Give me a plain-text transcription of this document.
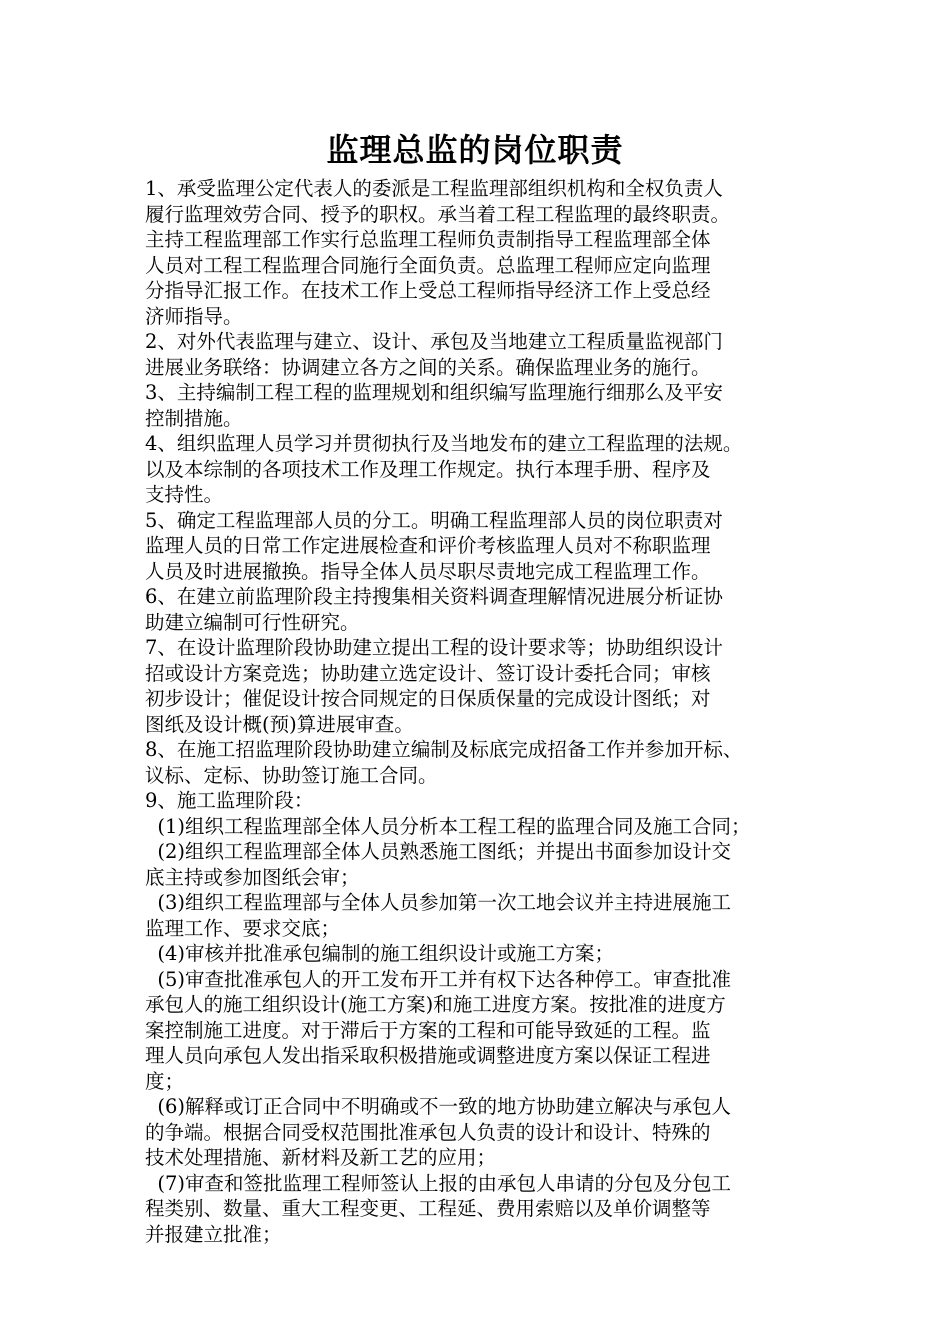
监理总监的岗位职责
1、承受监理公定代表人的委派是工程监理部组织机构和全权负责人
履行监理效劳合同、授予的职权。承当着工程工程监理的最终职责。
主持工程监理部工作实行总监理工程师负责制指导工程监理部全体
人员对工程工程监理合同施行全面负责。总监理工程师应定向监理
分指导汇报工作。在技术工作上受总工程师指导经济工作上受总经
济师指导。
2、对外代表监理与建立、设计、承包及当地建立工程质量监视部门
进展业务联络：协调建立各方之间的关系。确保监理业务的施行。
3、主持编制工程工程的监理规划和组织编写监理施行细那么及平安
控制措施。
4、组织监理人员学习并贯彻执行及当地发布的建立工程监理的法规。
以及本综制的各项技术工作及理工作规定。执行本理手册、程序及
支持性。
5、确定工程监理部人员的分工。明确工程监理部人员的岗位职责对
监理人员的日常工作定进展检查和评价考核监理人员对不称职监理
人员及时进展撤换。指导全体人员尽职尽责地完成工程监理工作。
6、在建立前监理阶段主持搜集相关资料调查理解情况进展分析证协
助建立编制可行性研究。
7、在设计监理阶段协助建立提出工程的设计要求等；协助组织设计
招或设计方案竞选；协助建立选定设计、签订设计委托合同；审核
初步设计；催促设计按合同规定的日保质保量的完成设计图纸；对
图纸及设计概(预)算进展审查。
8、在施工招监理阶段协助建立编制及标底完成招备工作并参加开标、
议标、定标、协助签订施工合同。
9、施工监理阶段：
(1)组织工程监理部全体人员分析本工程工程的监理合同及施工合同；
(2)组织工程监理部全体人员熟悉施工图纸；并提出书面参加设计交
底主持或参加图纸会审；
(3)组织工程监理部与全体人员参加第一次工地会议并主持进展施工
监理工作、要求交底；
(4)审核并批准承包编制的施工组织设计或施工方案；
(5)审查批准承包人的开工发布开工并有权下达各种停工。审查批准
承包人的施工组织设计(施工方案)和施工进度方案。按批准的进度方
案控制施工进度。对于滞后于方案的工程和可能导致延的工程。监
理人员向承包人发出指采取积极措施或调整进度方案以保证工程进
度；
(6)解释或订正合同中不明确或不一致的地方协助建立解决与承包人
的争端。根据合同受权范围批准承包人负责的设计和设计、特殊的
技术处理措施、新材料及新工艺的应用；
(7)审查和签批监理工程师签认上报的由承包人串请的分包及分包工
程类别、数量、重大工程变更、工程延、费用索赔以及单价调整等
并报建立批准；
